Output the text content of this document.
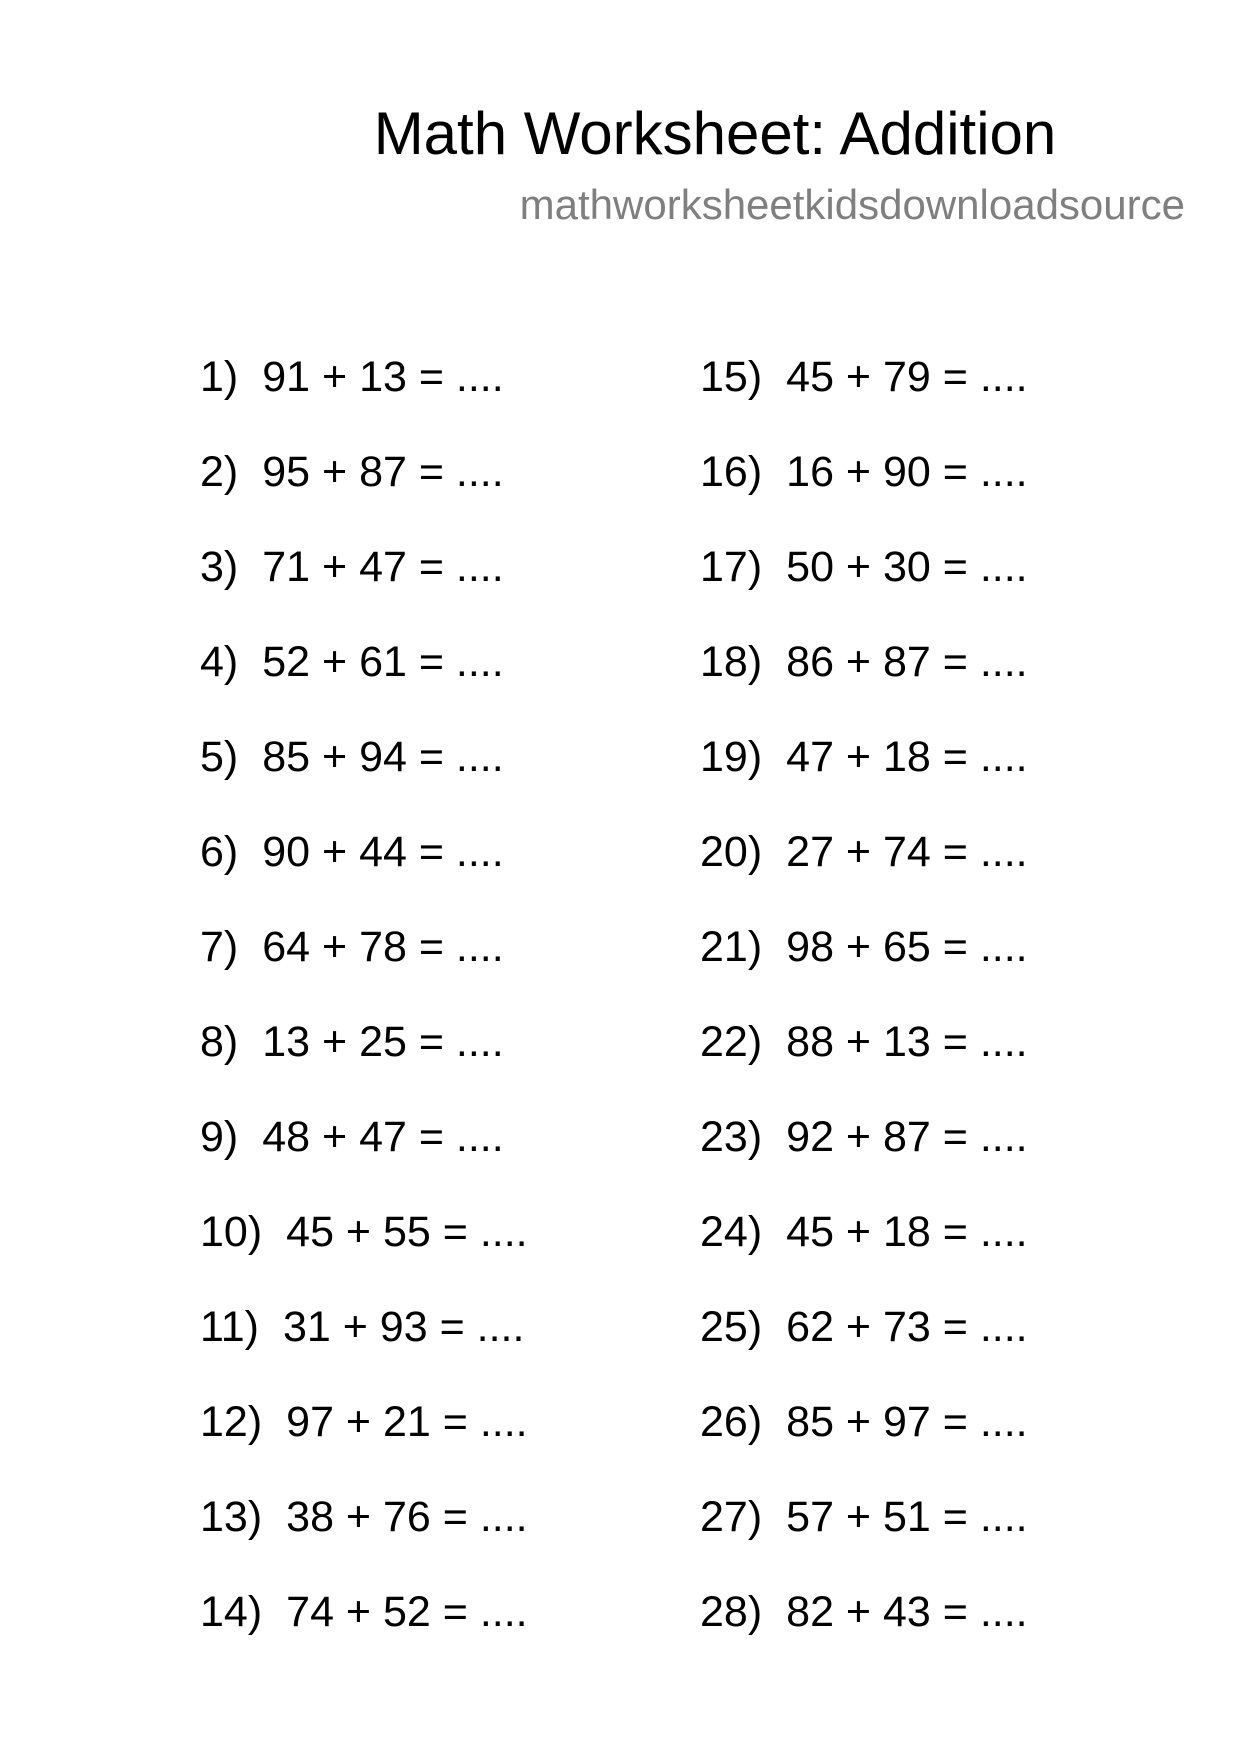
Math Worksheet: Addition
mathworksheetkidsdownloadsource
1) 91 + 13 = ....
2) 95 + 87 = ....
3) 71 + 47 = ....
4) 52 + 61 = ....
5) 85 + 94 = ....
6) 90 + 44 = ....
7) 64 + 78 = ....
8) 13 + 25 = ....
9) 48 + 47 = ....
10) 45 + 55 = ....
11) 31 + 93 = ....
12) 97 + 21 = ....
13) 38 + 76 = ....
14) 74 + 52 = ....
15) 45 + 79 = ....
16) 16 + 90 = ....
17) 50 + 30 = ....
18) 86 + 87 = ....
19) 47 + 18 = ....
20) 27 + 74 = ....
21) 98 + 65 = ....
22) 88 + 13 = ....
23) 92 + 87 = ....
24) 45 + 18 = ....
25) 62 + 73 = ....
26) 85 + 97 = ....
27) 57 + 51 = ....
28) 82 + 43 = ....
